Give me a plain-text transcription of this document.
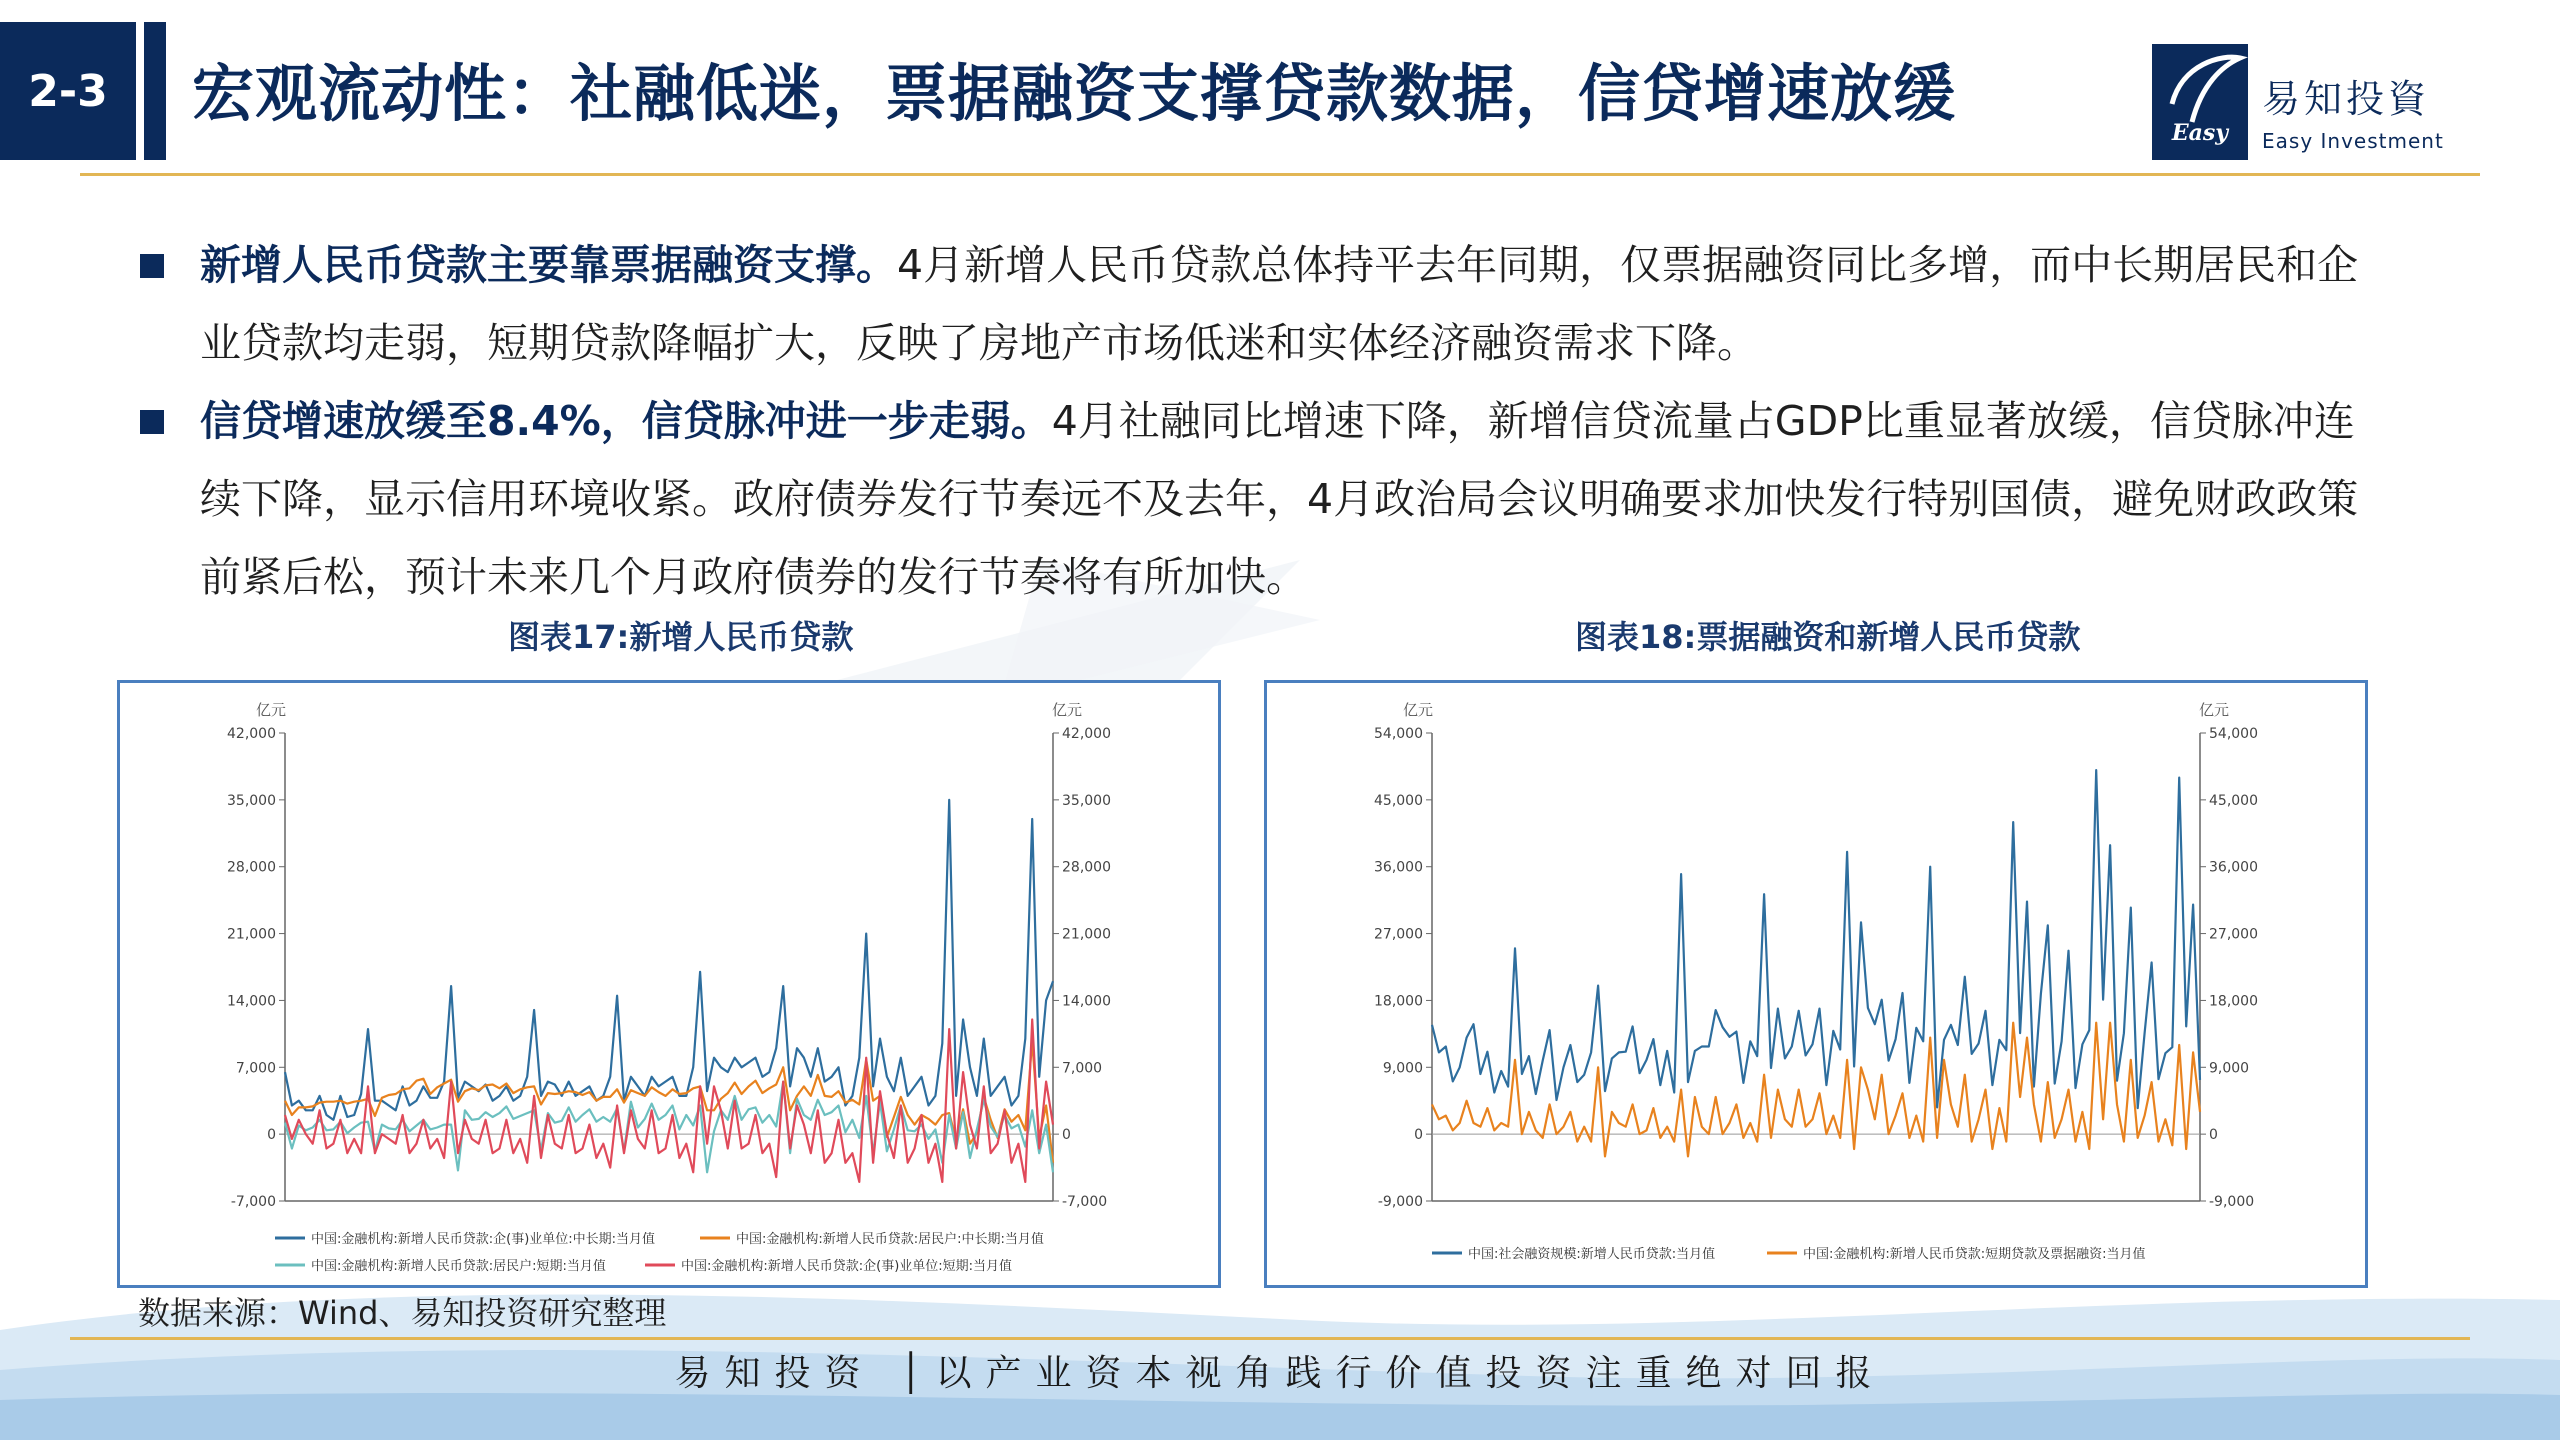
2-3	宏观流动性：社融低迷，票据融资支撑贷款数据，信贷增速放缓
Easy
易知投資
Easy Investment
新增人民币贷款主要靠票据融资支撑。4月新增人民币贷款总体持平去年同期，仅票据融资同比多增，而中长期居民和企业贷款均走弱，短期贷款降幅扩大，反映了房地产市场低迷和实体经济融资需求下降。
信贷增速放缓至8.4%，信贷脉冲进一步走弱。4月社融同比增速下降，新增信贷流量占GDP比重显著放缓，信贷脉冲连续下降，显示信用环境收紧。政府债券发行节奏远不及去年，4月政治局会议明确要求加快发行特别国债，避免财政政策前紧后松，预计未来几个月政府债券的发行节奏将有所加快。
图表17:新增人民币贷款	图表18:票据融资和新增人民币贷款
亿元	亿元
-7,000	-7,000
0	0
7,000	7,000
14,000	14,000
21,000	21,000
28,000	28,000
35,000	35,000
42,000	42,000
中国:金融机构:新增人民币贷款:企(事)业单位:中长期:当月值	中国:金融机构:新增人民币贷款:居民户:中长期:当月值
中国:金融机构:新增人民币贷款:居民户:短期:当月值	中国:金融机构:新增人民币贷款:企(事)业单位:短期:当月值
亿元	亿元
-9,000	-9,000
0	0
9,000	9,000
18,000	18,000
27,000	27,000
36,000	36,000
45,000	45,000
54,000	54,000
中国:社会融资规模:新增人民币贷款:当月值	中国:金融机构:新增人民币贷款:短期贷款及票据融资:当月值
数据来源：Wind、易知投资研究整理
易知投资 │以产业资本视角践行价值投资注重绝对回报
